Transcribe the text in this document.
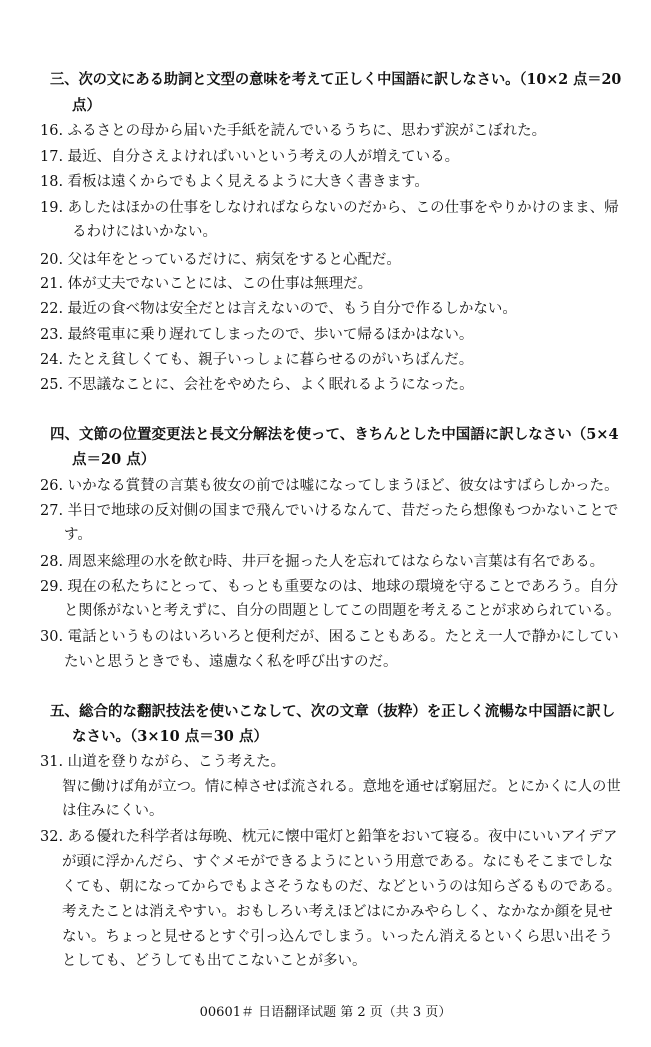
三、次の文にある助詞と文型の意味を考えて正しく中国語に訳しなさい。（10×2 点＝20
点）
16. ふるさとの母から届いた手紙を読んでいるうちに、思わず涙がこぼれた。
17. 最近、自分さえよければいいという考えの人が増えている。
18. 看板は遠くからでもよく見えるように大きく書きます。
19. あしたはほかの仕事をしなければならないのだから、この仕事をやりかけのまま、帰
るわけにはいかない。
20. 父は年をとっているだけに、病気をすると心配だ。
21. 体が丈夫でないことには、この仕事は無理だ。
22. 最近の食べ物は安全だとは言えないので、もう自分で作るしかない。
23. 最終電車に乗り遅れてしまったので、歩いて帰るほかはない。
24. たとえ貧しくても、親子いっしょに暮らせるのがいちばんだ。
25. 不思議なことに、会社をやめたら、よく眠れるようになった。
四、文節の位置変更法と長文分解法を使って、きちんとした中国語に訳しなさい（5×4
点＝20 点）
26. いかなる賞賛の言葉も彼女の前では嘘になってしまうほど、彼女はすばらしかった。
27. 半日で地球の反対側の国まで飛んでいけるなんて、昔だったら想像もつかないことで
す。
28. 周恩来総理の水を飲む時、井戸を掘った人を忘れてはならない言葉は有名である。
29. 現在の私たちにとって、もっとも重要なのは、地球の環境を守ることであろう。自分
と関係がないと考えずに、自分の問題としてこの問題を考えることが求められている。
30. 電話というものはいろいろと便利だが、困ることもある。たとえ一人で静かにしてい
たいと思うときでも、遠慮なく私を呼び出すのだ。
五、総合的な翻訳技法を使いこなして、次の文章（抜粋）を正しく流暢な中国語に訳し
なさい。（3×10 点＝30 点）
31. 山道を登りながら、こう考えた。
智に働けば角が立つ。情に棹させば流される。意地を通せば窮屈だ。とにかくに人の世
は住みにくい。
32. ある優れた科学者は毎晩、枕元に懐中電灯と鉛筆をおいて寝る。夜中にいいアイデア
が頭に浮かんだら、すぐメモができるようにという用意である。なにもそこまでしな
くても、朝になってからでもよさそうなものだ、などというのは知らざるものである。
考えたことは消えやすい。おもしろい考えほどはにかみやらしく、なかなか顔を見せ
ない。ちょっと見せるとすぐ引っ込んでしまう。いったん消えるといくら思い出そう
としても、どうしても出てこないことが多い。
00601＃ 日语翻译试题 第 2 页（共 3 页）
